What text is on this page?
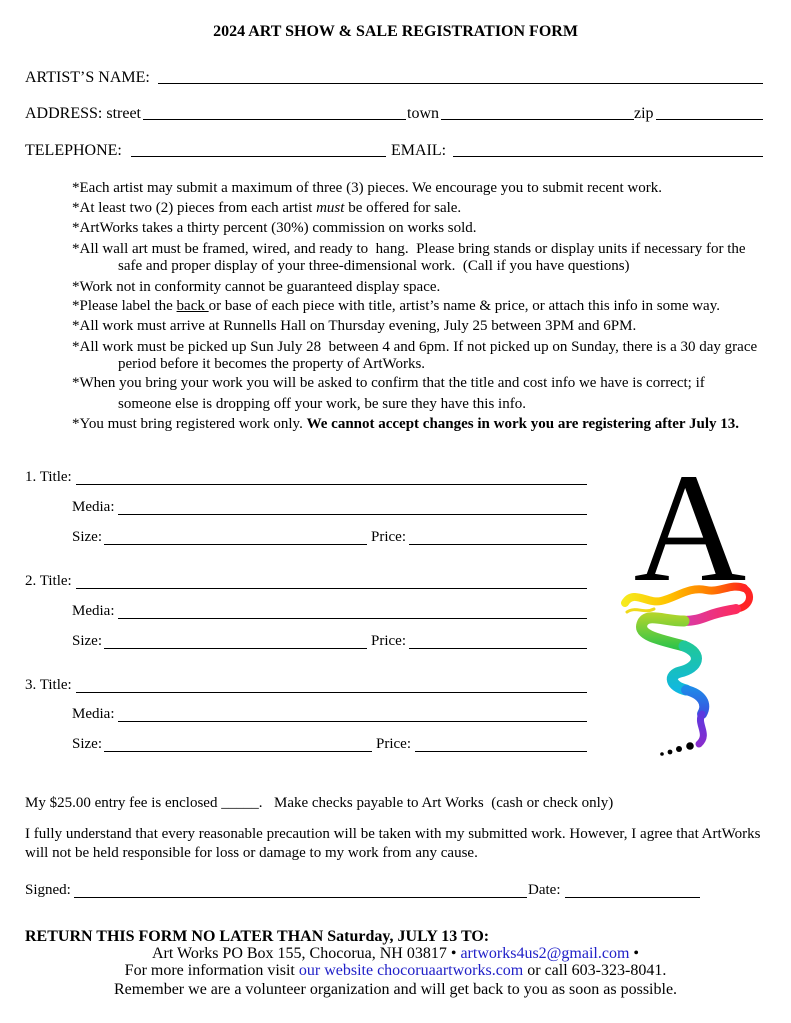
2024 ART SHOW & SALE REGISTRATION FORM
ARTIST’S NAME:
ADDRESS: street	town	zip
TELEPHONE:	EMAIL:
*Each artist may submit a maximum of three (3) pieces. We encourage you to submit recent work.
*At least two (2) pieces from each artist must be offered for sale.
*ArtWorks takes a thirty percent (30%) commission on works sold.
*All wall art must be framed, wired, and ready to  hang.  Please bring stands or display units if necessary for the
safe and proper display of your three-dimensional work.  (Call if you have questions)
*Work not in conformity cannot be guaranteed display space.
*Please label the back or base of each piece with title, artist’s name & price, or attach this info in some way.
*All work must arrive at Runnells Hall on Thursday evening, July 25 between 3PM and 6PM.
*All work must be picked up Sun July 28  between 4 and 6pm. If not picked up on Sunday, there is a 30 day grace
period before it becomes the property of ArtWorks.
*When you bring your work you will be asked to confirm that the title and cost info we have is correct; if
someone else is dropping off your work, be sure they have this info.
*You must bring registered work only. We cannot accept changes in work you are registering after July 13.
1. Title:
Media:
Size:	Price:
2. Title:
Media:
Size:	Price:
3. Title:
Media:
Size:	Price:
A
My $25.00 entry fee is enclosed _____. Make checks payable to Art Works  (cash or check only)
I fully understand that every reasonable precaution will be taken with my submitted work. However, I agree that ArtWorks
will not be held responsible for loss or damage to my work from any cause.
Signed:	Date:
RETURN THIS FORM NO LATER THAN Saturday, JULY 13 TO:
Art Works PO Box 155, Chocorua, NH 03817 • artworks4us2@gmail.com •
For more information visit our website chocoruaartworks.com or call 603-323-8041.
Remember we are a volunteer organization and will get back to you as soon as possible.
